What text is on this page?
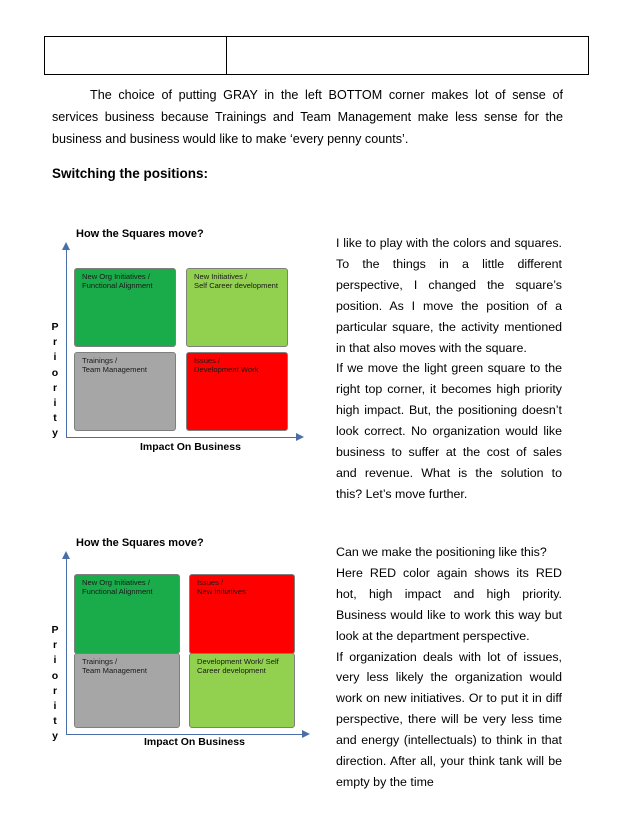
The choice of putting GRAY in the left BOTTOM corner makes lot of sense of services business because Trainings and Team Management make less sense for the business and business would like to make ‘every penny counts’.

Switching the positions:
How the Squares move?
P
r
i
o
r
i
t
y
New Org Initiatives /
Functional Alignment
New Initiatives /
Self Career development
Trainings /
Team Management
Issues /
Development Work
Impact On Business

I like to play with the colors and squares. To the things in a little different perspective, I changed the square’s position. As I move the position of a particular square, the activity mentioned in that also moves with the square.

If we move the light green square to the right top corner, it becomes high priority high impact. But, the positioning doesn’t look correct. No organization would like business to suffer at the cost of sales and revenue. What is the solution to this? Let’s move further.

How the Squares move?
P
r
i
o
r
i
t
y
New Org Initiatives /
Functional Alignment
Issues /
New Initiatives
Trainings /
Team Management
Development Work/ Self
Career development
Impact On Business

Can we make the positioning like this?

Here RED color again shows its RED hot, high impact and high priority. Business would like to work this way but look at the department perspective.

If organization deals with lot of issues, very less likely the organization would work on new initiatives. Or to put it in diff perspective, there will be very less time and energy (intellectuals) to think in that direction. After all, your think tank will be empty by the time
